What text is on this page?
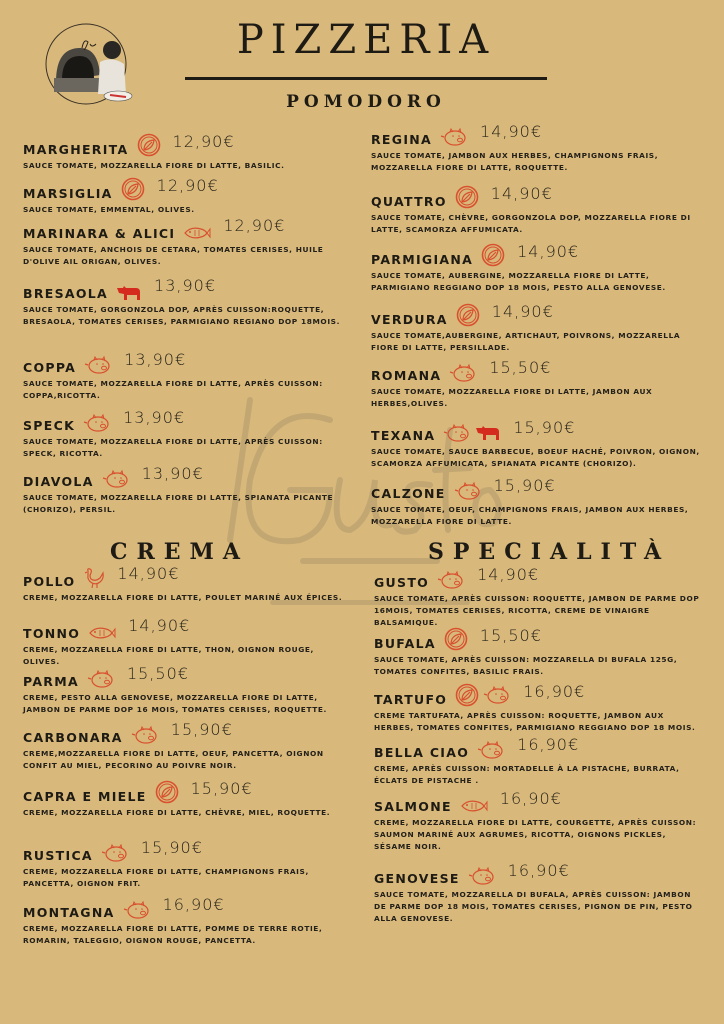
PIZZERIA
POMODORO
CREMA	SPECIALITÀ
MARGHERITA	12,90€
SAUCE TOMATE, MOZZARELLA FIORE DI LATTE, BASILIC.
MARSIGLIA	12,90€
SAUCE TOMATE, EMMENTAL, OLIVES.
MARINARA & ALICI	12,90€
SAUCE TOMATE, ANCHOIS DE CETARA, TOMATES CERISES, HUILE D'OLIVE AIL ORIGAN, OLIVES.
BRESAOLA	13,90€
SAUCE TOMATE, GORGONZOLA DOP, APRÈS CUISSON:ROQUETTE, BRESAOLA, TOMATES CERISES, PARMIGIANO REGIANO DOP 18MOIS.
COPPA	13,90€
SAUCE TOMATE, MOZZARELLA FIORE DI LATTE, APRÈS CUISSON: COPPA,RICOTTA.
SPECK	13,90€
SAUCE TOMATE, MOZZARELLA FIORE DI LATTE, APRÈS CUISSON: SPECK, RICOTTA.
DIAVOLA	13,90€
SAUCE TOMATE, MOZZARELLA FIORE DI LATTE, SPIANATA PICANTE (CHORIZO), PERSIL.
POLLO	14,90€
CREME, MOZZARELLA FIORE DI LATTE, POULET MARINÉ AUX ÉPICES.
TONNO	14,90€
CREME, MOZZARELLA FIORE DI LATTE, THON, OIGNON ROUGE, OLIVES.
PARMA	15,50€
CREME, PESTO ALLA GENOVESE, MOZZARELLA FIORE DI LATTE, JAMBON DE PARME DOP 16 MOIS, TOMATES CERISES, ROQUETTE.
CARBONARA	15,90€
CREME,MOZZARELLA FIORE DI LATTE, OEUF, PANCETTA, OIGNON CONFIT AU MIEL, PECORINO AU POIVRE NOIR.
CAPRA E MIELE	15,90€
CREME, MOZZARELLA FIORE DI LATTE, CHÈVRE, MIEL, ROQUETTE.
RUSTICA	15,90€
CREME, MOZZARELLA FIORE DI LATTE, CHAMPIGNONS FRAIS, PANCETTA, OIGNON FRIT.
MONTAGNA	16,90€
CREME, MOZZARELLA FIORE DI LATTE, POMME DE TERRE ROTIE, ROMARIN, TALEGGIO, OIGNON ROUGE, PANCETTA.
REGINA	14,90€
SAUCE TOMATE, JAMBON AUX HERBES, CHAMPIGNONS FRAIS, MOZZARELLA FIORE DI LATTE, ROQUETTE.
QUATTRO	14,90€
SAUCE TOMATE, CHÈVRE, GORGONZOLA DOP, MOZZARELLA FIORE DI LATTE, SCAMORZA AFFUMICATA.
PARMIGIANA	14,90€
SAUCE TOMATE, AUBERGINE, MOZZARELLA FIORE DI LATTE, PARMIGIANO REGGIANO DOP 18 MOIS, PESTO ALLA GENOVESE.
VERDURA	14,90€
SAUCE TOMATE,AUBERGINE, ARTICHAUT, POIVRONS, MOZZARELLA FIORE DI LATTE, PERSILLADE.
ROMANA	15,50€
SAUCE TOMATE, MOZZARELLA FIORE DI LATTE, JAMBON AUX HERBES,OLIVES.
TEXANA	15,90€
SAUCE TOMATE, SAUCE BARBECUE, BOEUF HACHÉ, POIVRON, OIGNON, SCAMORZA AFFUMICATA, SPIANATA PICANTE (CHORIZO).
CALZONE	15,90€
SAUCE TOMATE, OEUF, CHAMPIGNONS FRAIS, JAMBON AUX HERBES, MOZZARELLA FIORE DI LATTE.
GUSTO	14,90€
SAUCE TOMATE, APRÈS CUISSON: ROQUETTE, JAMBON DE PARME DOP 16MOIS, TOMATES CERISES, RICOTTA, CREME DE VINAIGRE BALSAMIQUE.
BUFALA	15,50€
SAUCE TOMATE, APRÈS CUISSON: MOZZARELLA DI BUFALA 125G, TOMATES CONFITES, BASILIC FRAIS.
TARTUFO	16,90€
CREME TARTUFATA, APRÈS CUISSON: ROQUETTE, JAMBON AUX HERBES, TOMATES CONFITES, PARMIGIANO REGGIANO DOP 18 MOIS.
BELLA CIAO	16,90€
CREME, APRÈS CUISSON: MORTADELLE À LA PISTACHE, BURRATA, ÉCLATS DE PISTACHE .
SALMONE	16,90€
CREME, MOZZARELLA FIORE DI LATTE, COURGETTE, APRÈS CUISSON: SAUMON MARINÉ AUX AGRUMES, RICOTTA, OIGNONS PICKLES, SÉSAME NOIR.
GENOVESE	16,90€
SAUCE TOMATE, MOZZARELLA DI BUFALA, APRÈS CUISSON: JAMBON DE PARME DOP 18 MOIS, TOMATES CERISES, PIGNON DE PIN, PESTO ALLA GENOVESE.
